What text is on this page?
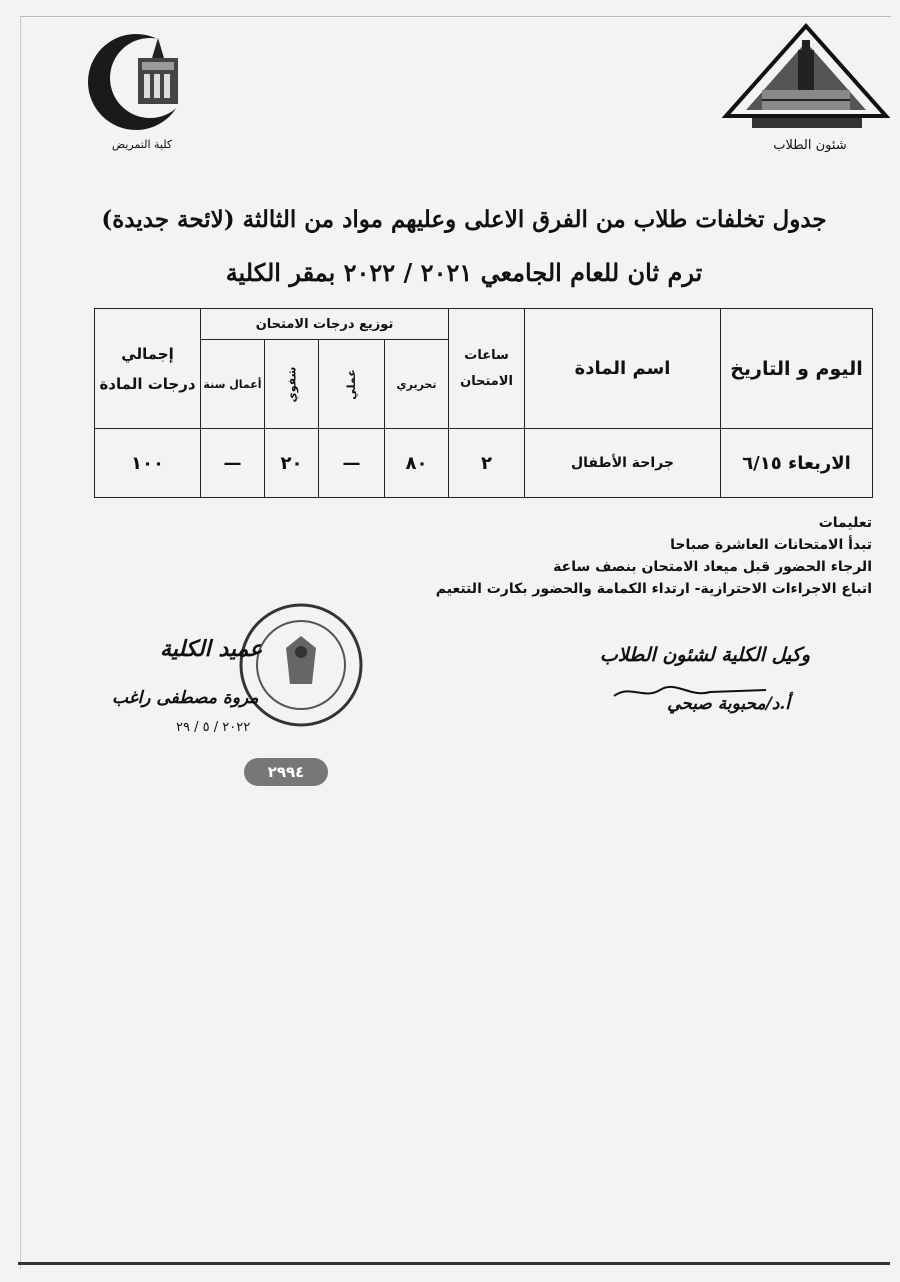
كلية التمريض	شئون الطلاب
جدول تخلفات طلاب من الفرق الاعلى وعليهم مواد من الثالثة (لائحة جديدة)
ترم ثان للعام الجامعي ٢٠٢١ / ٢٠٢٢ بمقر الكلية
اليوم و التاريخ	اسم المادة	ساعات الامتحان	توزيع درجات الامتحان				إجمالي درجات المادة
			تحريري	عملي	شفوي	أعمال سنة	
الاربعاء ٦/١٥	جراحة الأطفال	٢	٨٠	—	٢٠	—	١٠٠
تعليمات
تبدأ الامتحانات العاشرة صباحا
الرجاء الحضور قبل ميعاد الامتحان بنصف ساعة
اتباع الاجراءات الاحترازية- ارتداء الكمامة والحضور بكارت التتعيم
وكيل الكلية لشئون الطلاب
أ.د/محبوبة صبحي
عميد الكلية
مروة مصطفى راغب
٢٠٢٢ / ٥ / ٢٩
٢٩٩٤
